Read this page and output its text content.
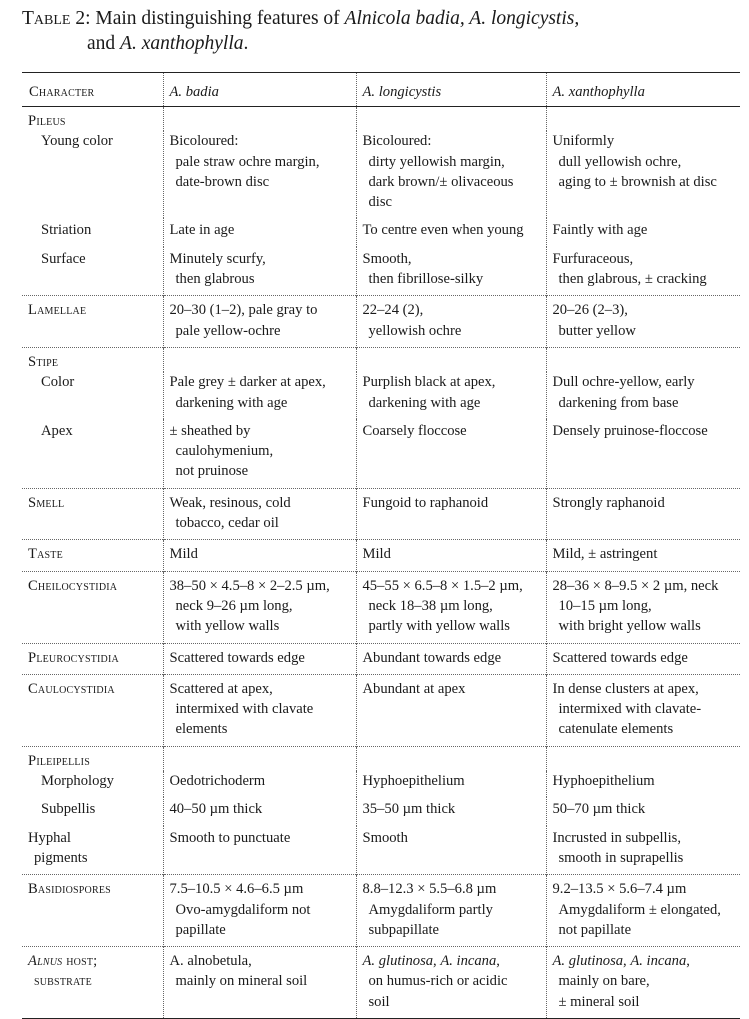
Table 2: Main distinguishing features of Alnicola badia, A. longicystis,
and A. xanthophylla.
Character	A. badia	A. longicystis	A. xanthophylla

Pileus			

Young color	Bicoloured:
pale straw ochre margin,
date-brown disc	Bicoloured:
dirty yellowish margin,
dark brown/± olivaceous
disc	Uniformly
dull yellowish ochre,
aging to ± brownish at disc

Striation	Late in age	To centre even when young	Faintly with age

Surface	Minutely scurfy,
then glabrous	Smooth,
then fibrillose-silky	Furfuraceous,
then glabrous, ± cracking

Lamellae	20–30 (1–2), pale gray to
pale yellow-ochre	22–24 (2),
yellowish ochre	20–26 (2–3),
butter yellow

Stipe			

Color	Pale grey ± darker at apex,
darkening with age	Purplish black at apex,
darkening with age	Dull ochre-yellow, early
darkening from base

Apex	± sheathed by
caulohymenium,
not pruinose	Coarsely floccose	Densely pruinose-floccose

Smell	Weak, resinous, cold
tobacco, cedar oil	Fungoid to raphanoid	Strongly raphanoid

Taste	Mild	Mild	Mild, ± astringent

Cheilocystidia	38–50 × 4.5–8 × 2–2.5 µm,
neck 9–26 µm long,
with yellow walls	45–55 × 6.5–8 × 1.5–2 µm,
neck 18–38 µm long,
partly with yellow walls	28–36 × 8–9.5 × 2 µm, neck
10–15 µm long,
with bright yellow walls

Pleurocystidia	Scattered towards edge	Abundant towards edge	Scattered towards edge

Caulocystidia	Scattered at apex,
intermixed with clavate
elements	Abundant at apex	In dense clusters at apex,
intermixed with clavate-
catenulate elements

Pileipellis			

Morphology	Oedotrichoderm	Hyphoepithelium	Hyphoepithelium

Subpellis	40–50 µm thick	35–50 µm thick	50–70 µm thick

Hyphal
pigments	Smooth to punctuate	Smooth	Incrusted in subpellis,
smooth in suprapellis

Basidiospores	7.5–10.5 × 4.6–6.5 µm
Ovo-amygdaliform not
papillate	8.8–12.3 × 5.5–6.8 µm
Amygdaliform partly
subpapillate	9.2–13.5 × 5.6–7.4 µm
Amygdaliform ± elongated,
not papillate

Alnus host;
substrate	A. alnobetula,
mainly on mineral soil	A. glutinosa, A. incana,
on humus-rich or acidic
soil	A. glutinosa, A. incana,
mainly on bare,
± mineral soil
